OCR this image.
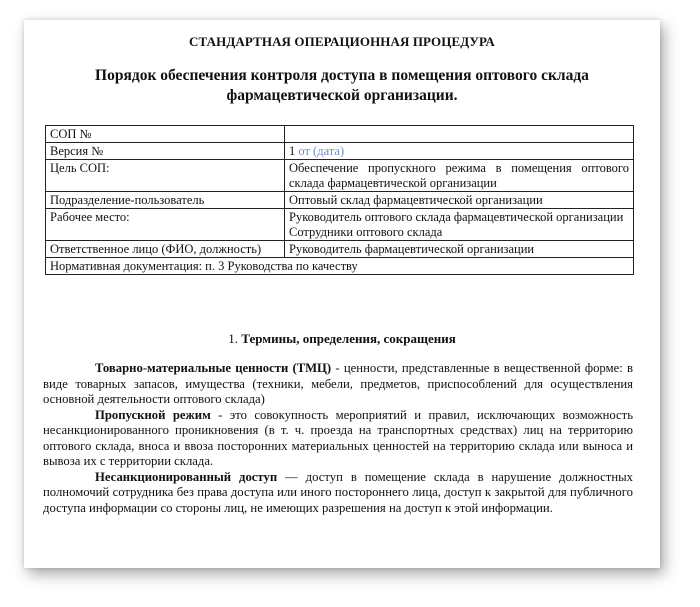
СТАНДАРТНАЯ ОПЕРАЦИОННАЯ ПРОЦЕДУРА
Порядок обеспечения контроля доступа в помещения оптового склада фармацевтической организации.
СОП №	
Версия №	1 от (дата)
Цель СОП:	Обеспечение пропускного режима в помещения оптового склада фармацевтической организации
Подразделение-пользователь	Оптовый склад фармацевтической организации
Рабочее место:	Руководитель оптового склада фармацевтической организации
Сотрудники оптового склада

Ответственное лицо (ФИО, должность)	Руководитель фармацевтической организации
Нормативная документация: п. 3 Руководства по качеству	
1. Термины, определения, сокращения

Товарно-материальные ценности (ТМЦ) - ценности, представленные в вещественной форме: в виде товарных запасов, имущества (техники, мебели, предметов, приспособлений для осуществления основной деятельности оптового склада)

Пропускной режим - это совокупность мероприятий и правил, исключающих возможность несанкционированного проникновения (в т. ч. проезда на транспортных средствах) лиц на территорию оптового склада, вноса и ввоза посторонних материальных ценностей на территорию склада или выноса и вывоза их с территории склада.

Несанкционированный доступ — доступ в помещение склада в нарушение должностных полномочий сотрудника без права доступа или иного постороннего лица, доступ к закрытой для публичного доступа информации со стороны лиц, не имеющих разрешения на доступ к этой информации.
